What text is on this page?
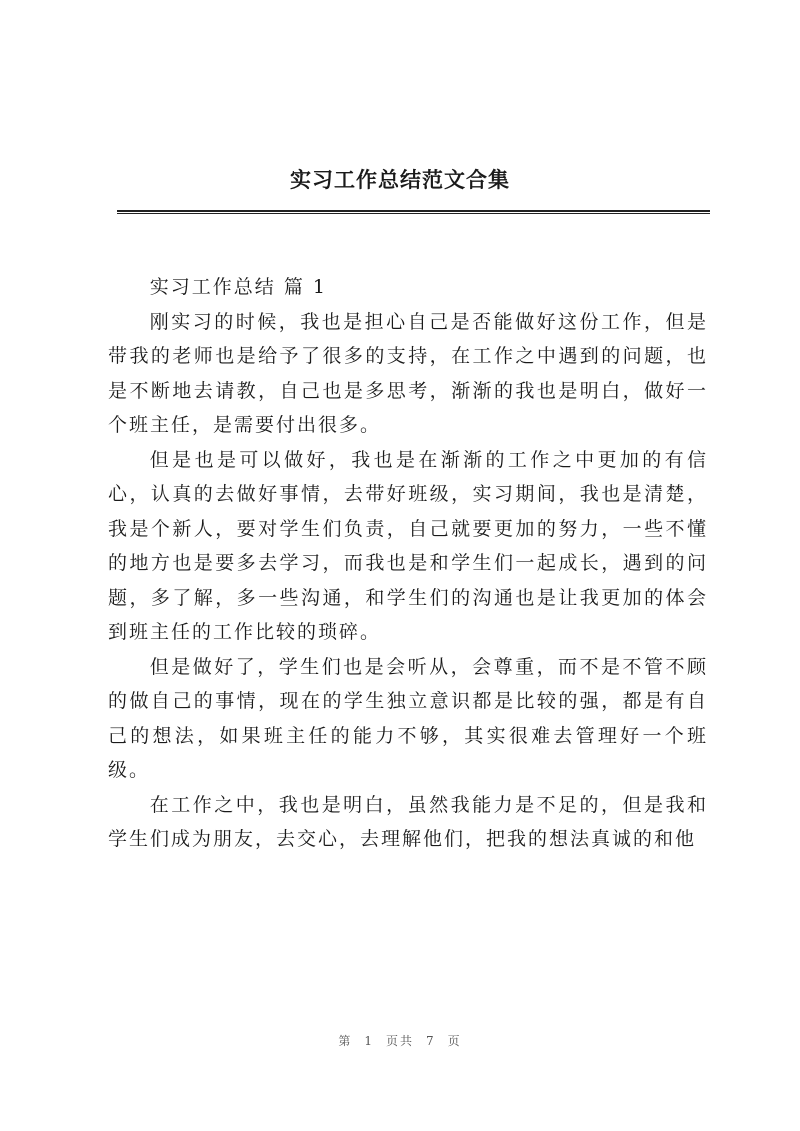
实习工作总结范文合集

实习工作总结 篇 1

刚实习的时候，我也是担心自己是否能做好这份工作，但是带我的老师也是给予了很多的支持，在工作之中遇到的问题，也是不断地去请教，自己也是多思考，渐渐的我也是明白，做好一个班主任，是需要付出很多。

但是也是可以做好，我也是在渐渐的工作之中更加的有信心，认真的去做好事情，去带好班级，实习期间，我也是清楚，我是个新人，要对学生们负责，自己就要更加的努力，一些不懂的地方也是要多去学习，而我也是和学生们一起成长，遇到的问题，多了解，多一些沟通，和学生们的沟通也是让我更加的体会到班主任的工作比较的琐碎。

但是做好了，学生们也是会听从，会尊重，而不是不管不顾的做自己的事情，现在的学生独立意识都是比较的强，都是有自己的想法，如果班主任的能力不够，其实很难去管理好一个班级。

在工作之中，我也是明白，虽然我能力是不足的，但是我和学生们成为朋友，去交心，去理解他们，把我的想法真诚的和他

第 1 页共 7 页
